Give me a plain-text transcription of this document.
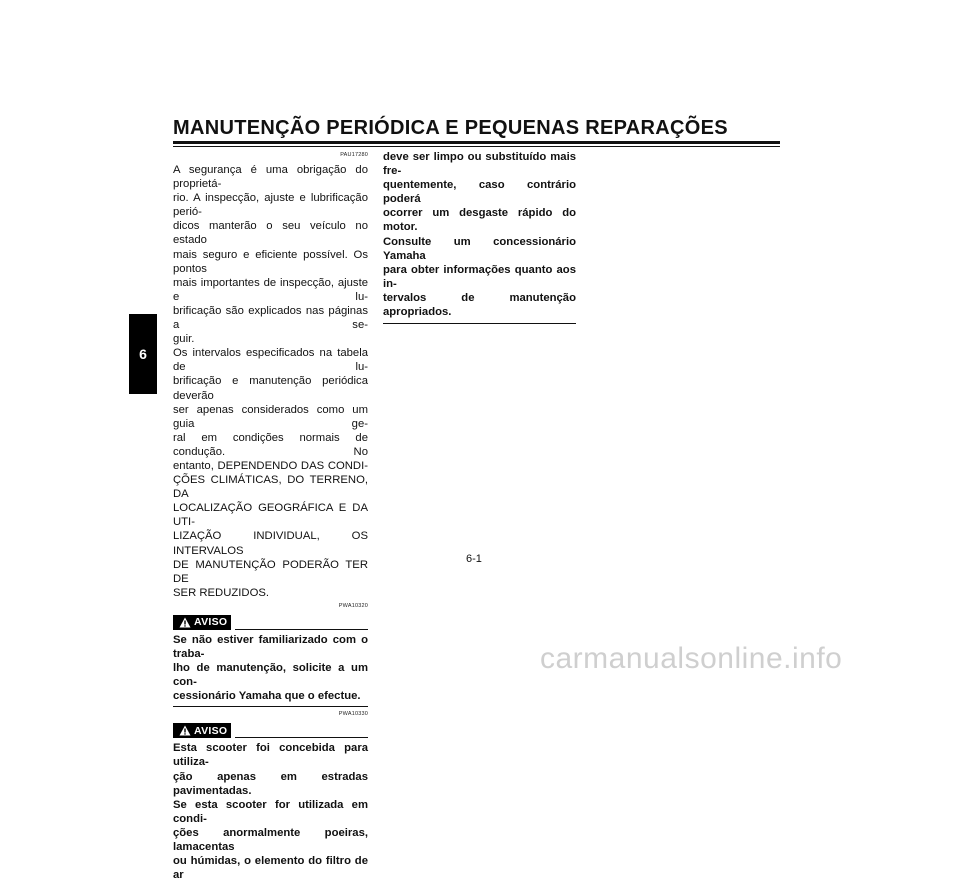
MANUTENÇÃO PERIÓDICA E PEQUENAS REPARAÇÕES
6
PAU17280
A segurança é uma obrigação do proprietá-
rio. A inspecção, ajuste e lubrificação perió-
dicos manterão o seu veículo no estado
mais seguro e eficiente possível. Os pontos
mais importantes de inspecção, ajuste e lu-
brificação são explicados nas páginas a se-
guir.
Os intervalos especificados na tabela de lu-
brificação e manutenção periódica deverão
ser apenas considerados como um guia ge-
ral em condições normais de condução. No
entanto, DEPENDENDO DAS CONDI-
ÇÕES CLIMÁTICAS, DO TERRENO, DA
LOCALIZAÇÃO GEOGRÁFICA E DA UTI-
LIZAÇÃO INDIVIDUAL, OS INTERVALOS
DE MANUTENÇÃO PODERÃO TER DE
SER REDUZIDOS.
PWA10320
AVISO
Se não estiver familiarizado com o traba-
lho de manutenção, solicite a um con-
cessionário Yamaha que o efectue.
PWA10330
AVISO
Esta scooter foi concebida para utiliza-
ção apenas em estradas pavimentadas.
Se esta scooter for utilizada em condi-
ções anormalmente poeiras, lamacentas
ou húmidas, o elemento do filtro de ar
deve ser limpo ou substituído mais fre-
quentemente, caso contrário poderá
ocorrer um desgaste rápido do motor.
Consulte um concessionário Yamaha
para obter informações quanto aos in-
tervalos de manutenção apropriados.
6-1
carmanualsonline.info
